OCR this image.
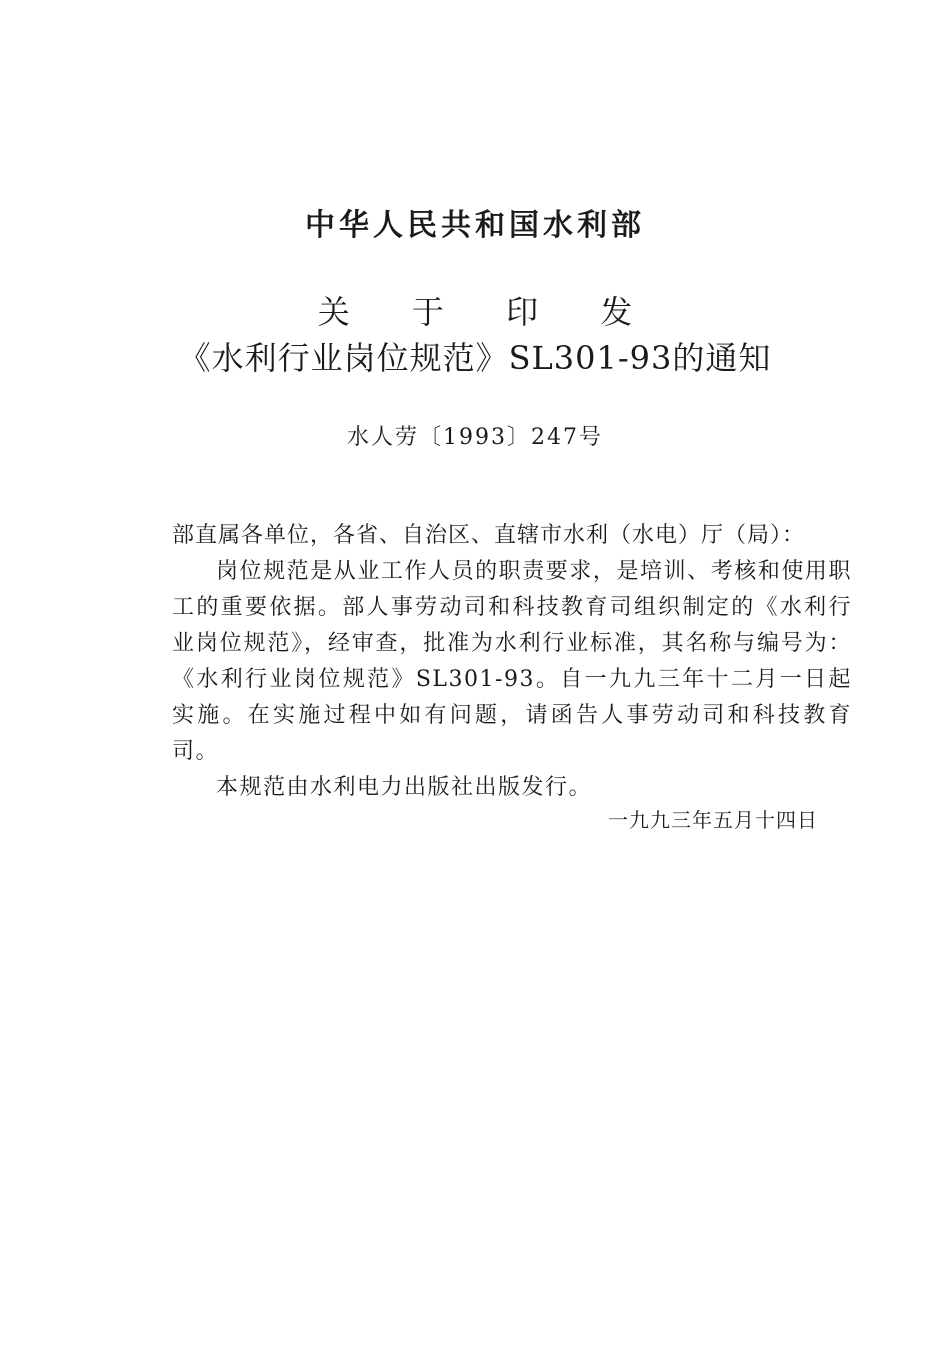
中华人民共和国水利部
关 于 印 发
《水利行业岗位规范》SL301-93的通知
水人劳〔1993〕247号

部直属各单位，各省、自治区、直辖市水利（水电）厅（局）：

岗位规范是从业工作人员的职责要求，是培训、考核和使用职工的重要依据。部人事劳动司和科技教育司组织制定的《水利行业岗位规范》，经审查，批准为水利行业标准，其名称与编号为：《水利行业岗位规范》SL301-93。自一九九三年十二月一日起实施。在实施过程中如有问题，请函告人事劳动司和科技教育司。

本规范由水利电力出版社出版发行。

一九九三年五月十四日
